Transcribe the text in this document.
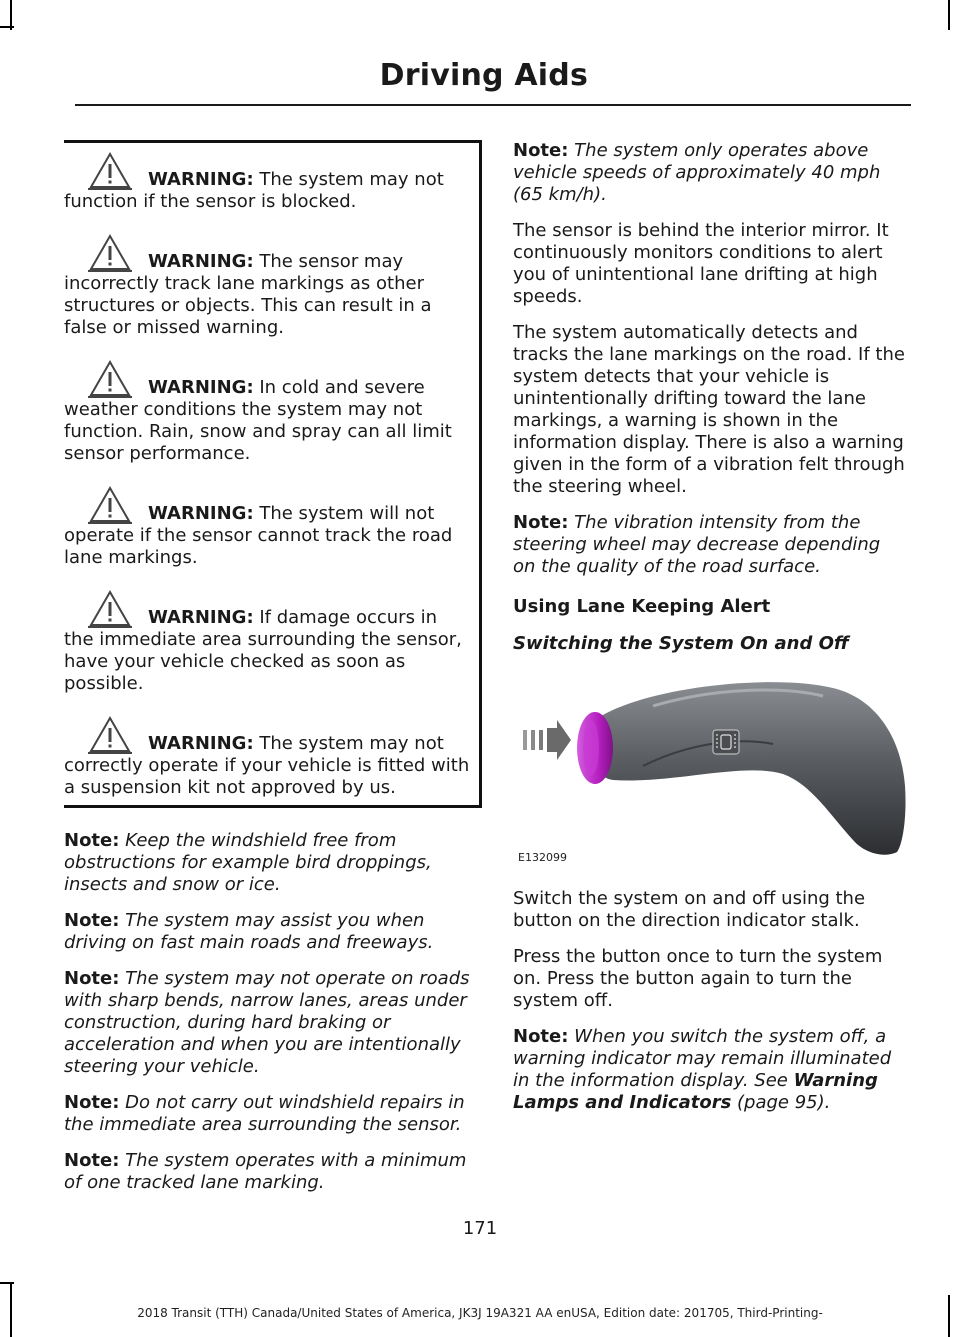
Driving Aids
WARNING: The system may not function if the sensor is blocked.
WARNING: The sensor may incorrectly track lane markings as other structures or objects. This can result in a false or missed warning.
WARNING: In cold and severe weather conditions the system may not function. Rain, snow and spray can all limit sensor performance.
WARNING: The system will not operate if the sensor cannot track the road lane markings.
WARNING: If damage occurs in the immediate area surrounding the sensor, have your vehicle checked as soon as possible.
WARNING: The system may not correctly operate if your vehicle is fitted with a suspension kit not approved by us.

Note: Keep the windshield free from obstructions for example bird droppings, insects and snow or ice.

Note: The system may assist you when driving on fast main roads and freeways.

Note: The system may not operate on roads with sharp bends, narrow lanes, areas under construction, during hard braking or acceleration and when you are intentionally steering your vehicle.

Note: Do not carry out windshield repairs in the immediate area surrounding the sensor.

Note: The system operates with a minimum of one tracked lane marking.

Note: The system only operates above vehicle speeds of approximately 40 mph (65 km/h).

The sensor is behind the interior mirror. It continuously monitors conditions to alert you of unintentional lane drifting at high speeds.

The system automatically detects and tracks the lane markings on the road. If the system detects that your vehicle is unintentionally drifting toward the lane markings, a warning is shown in the information display. There is also a warning given in the form of a vibration felt through the steering wheel.

Note: The vibration intensity from the steering wheel may decrease depending on the quality of the road surface.

Using Lane Keeping Alert
Switching the System On and Off
E132099

Switch the system on and off using the button on the direction indicator stalk.

Press the button once to turn the system on. Press the button again to turn the system off.

Note: When you switch the system off, a warning indicator may remain illuminated in the information display. See Warning Lamps and Indicators (page 95).

171
2018 Transit (TTH) Canada/United States of America, JK3J 19A321 AA enUSA, Edition date: 201705, Third-Printing-
